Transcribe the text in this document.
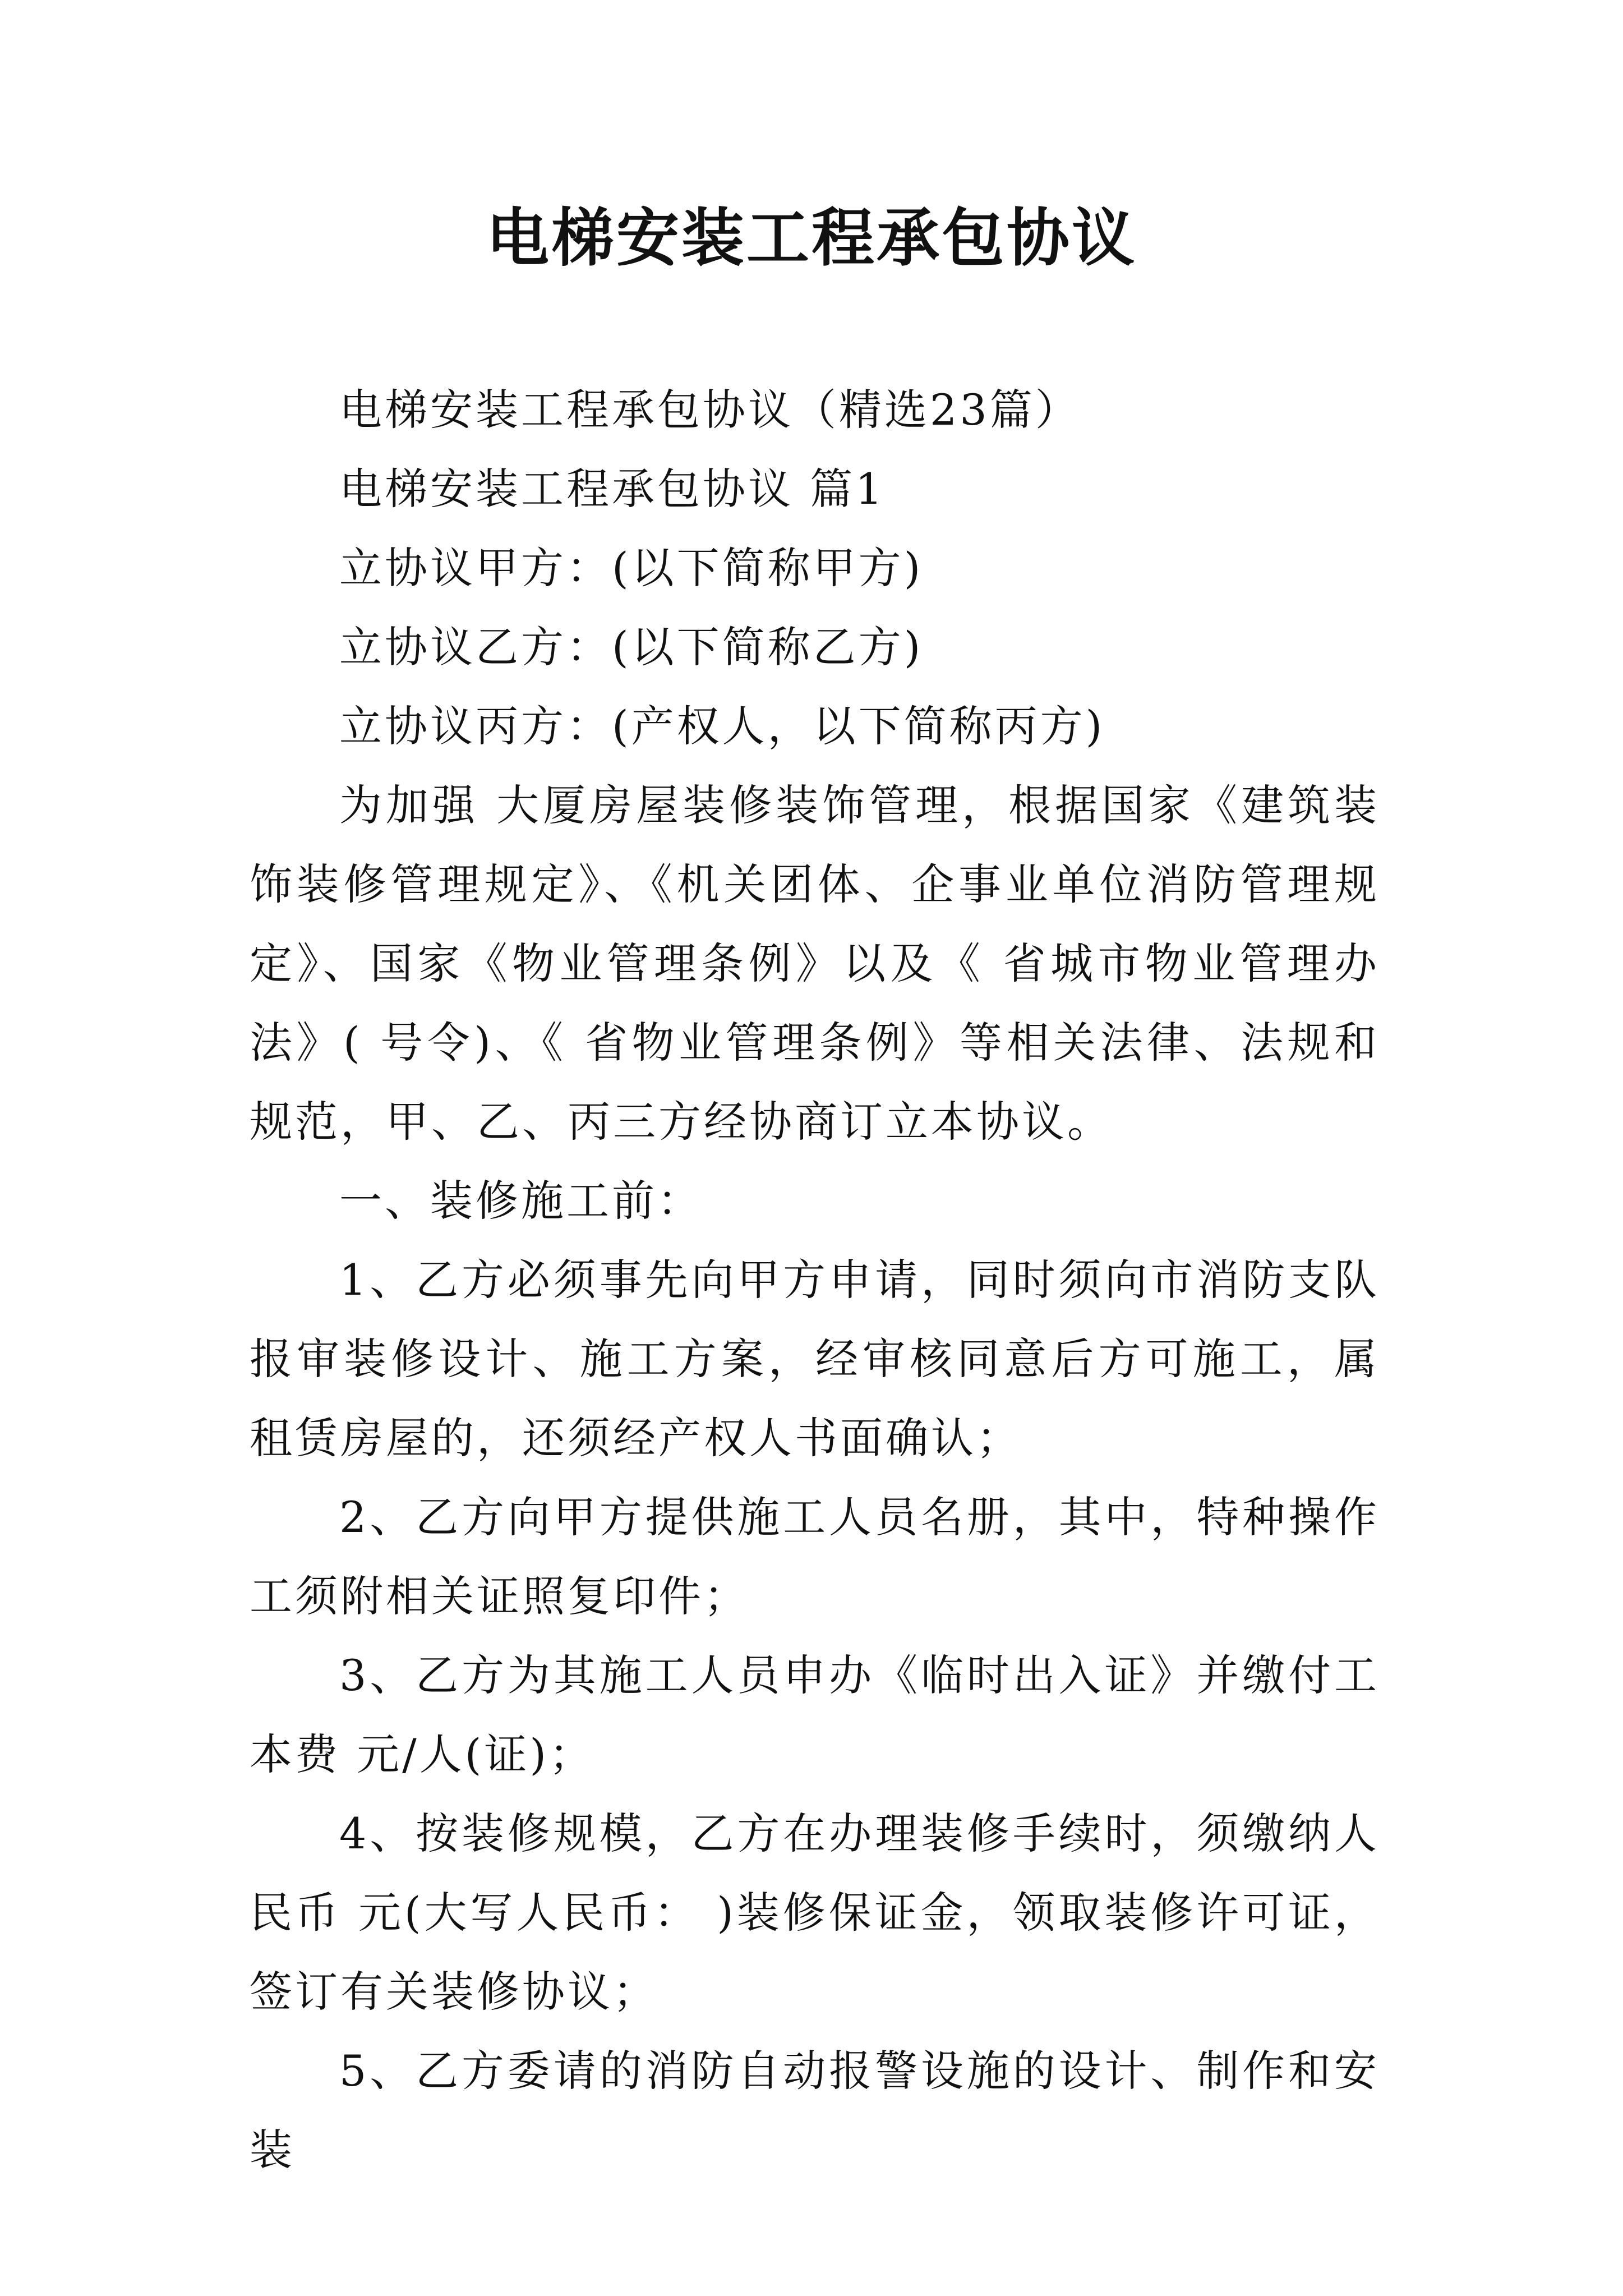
电梯安装工程承包协议

电梯安装工程承包协议（精选23篇）

电梯安装工程承包协议 篇1

立协议甲方：(以下简称甲方)

立协议乙方：(以下简称乙方)

立协议丙方：(产权人，以下简称丙方)

为加强 大厦房屋装修装饰管理，根据国家《建筑装饰装修管理规定》、《机关团体、企事业单位消防管理规定》、国家《物业管理条例》以及《 省城市物业管理办法》( 号令)、《 省物业管理条例》等相关法律、法规和规范，甲、乙、丙三方经协商订立本协议。

一、装修施工前：

1、乙方必须事先向甲方申请，同时须向市消防支队报审装修设计、施工方案，经审核同意后方可施工，属租赁房屋的，还须经产权人书面确认；

2、乙方向甲方提供施工人员名册，其中，特种操作工须附相关证照复印件；

3、乙方为其施工人员申办《临时出入证》并缴付工本费 元/人(证)；

4、按装修规模，乙方在办理装修手续时，须缴纳人民币 元(大写人民币： )装修保证金，领取装修许可证，签订有关装修协议；

5、乙方委请的消防自动报警设施的设计、制作和安装
